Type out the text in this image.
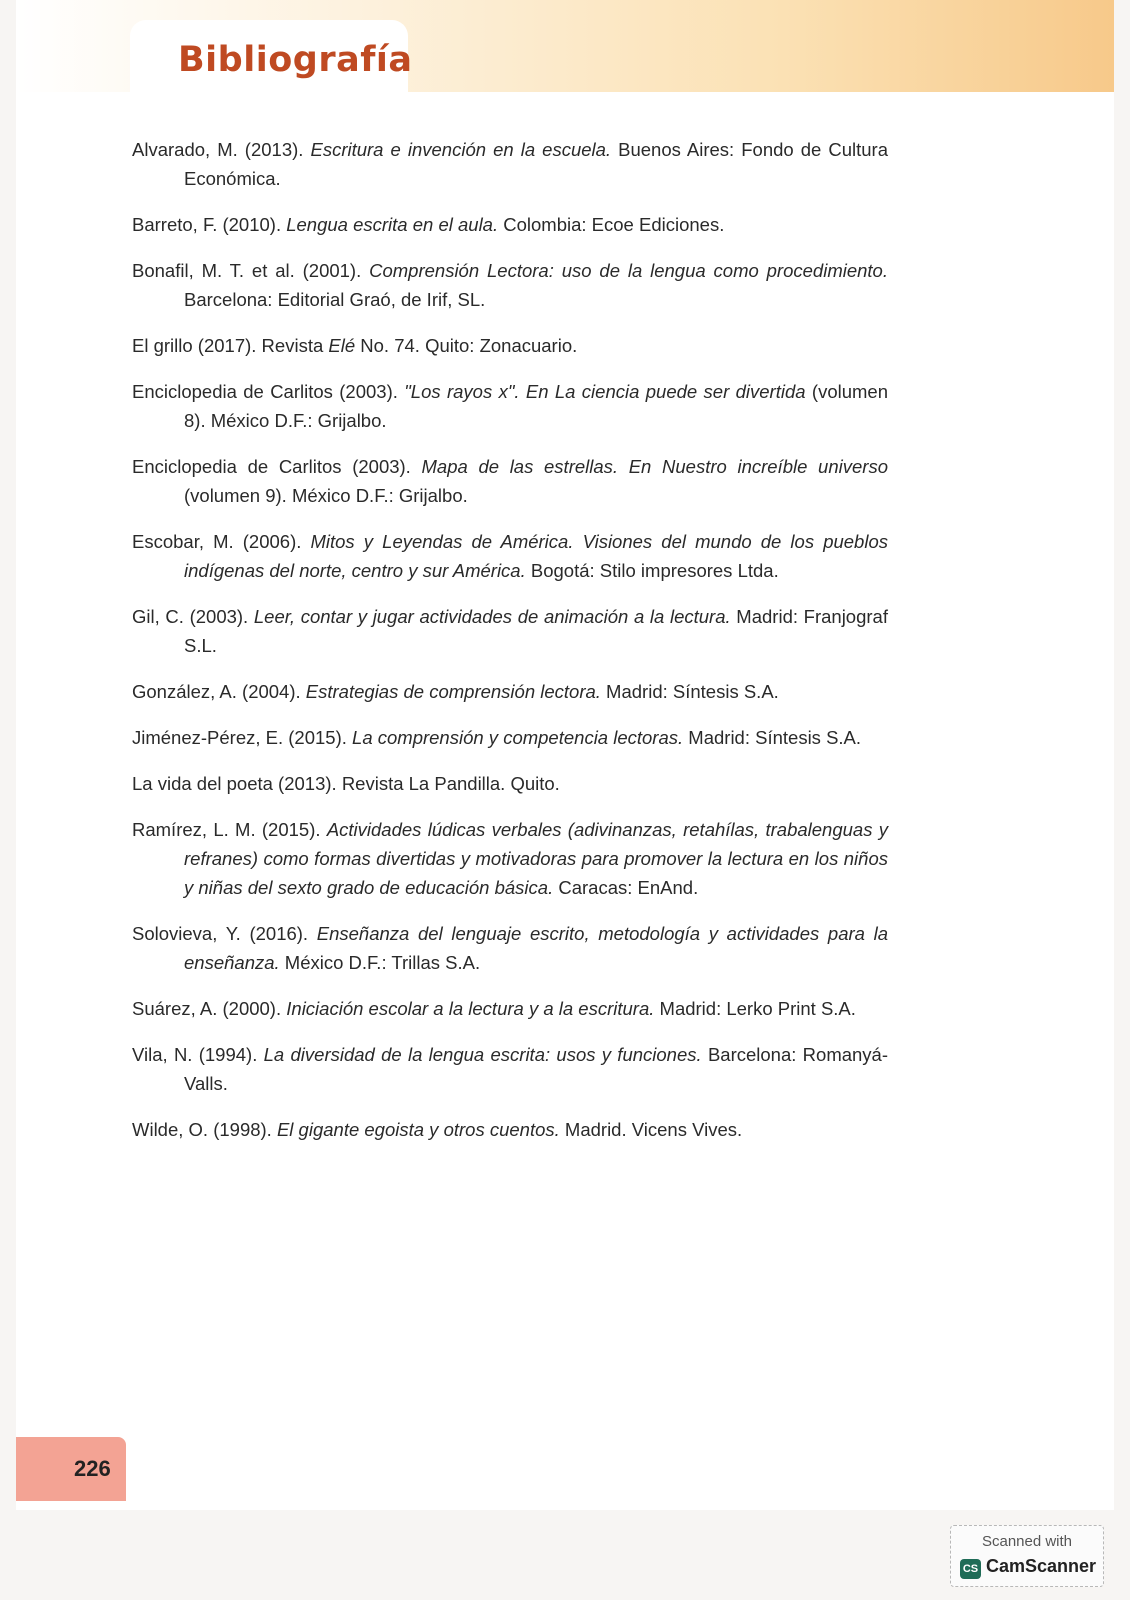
Bibliografía

Alvarado, M. (2013). Escritura e invención en la escuela. Buenos Aires: Fondo de Cultura Económica.

Barreto, F. (2010). Lengua escrita en el aula. Colombia: Ecoe Ediciones.

Bonafil, M. T. et al. (2001). Comprensión Lectora: uso de la lengua como procedimiento. Barcelona: Editorial Graó, de Irif, SL.

El grillo (2017). Revista Elé No. 74. Quito: Zonacuario.

Enciclopedia de Carlitos (2003). "Los rayos x". En La ciencia puede ser divertida (volumen 8). México D.F.: Grijalbo.

Enciclopedia de Carlitos (2003). Mapa de las estrellas. En Nuestro increíble universo (volumen 9). México D.F.: Grijalbo.

Escobar, M. (2006). Mitos y Leyendas de América. Visiones del mundo de los pueblos indígenas del norte, centro y sur América. Bogotá: Stilo impresores Ltda.

Gil, C. (2003). Leer, contar y jugar actividades de animación a la lectura. Madrid: Franjograf S.L.

González, A. (2004). Estrategias de comprensión lectora. Madrid: Síntesis S.A.

Jiménez-Pérez, E. (2015). La comprensión y competencia lectoras. Madrid: Síntesis S.A.

La vida del poeta (2013). Revista La Pandilla. Quito.

Ramírez, L. M. (2015). Actividades lúdicas verbales (adivinanzas, retahílas, trabalenguas y refranes) como formas divertidas y motivadoras para promover la lectura en los niños y niñas del sexto grado de educación básica. Caracas: EnAnd.

Solovieva, Y. (2016). Enseñanza del lenguaje escrito, metodología y actividades para la enseñanza. México D.F.: Trillas S.A.

Suárez, A. (2000). Iniciación escolar a la lectura y a la escritura. Madrid: Lerko Print S.A.

Vila, N. (1994). La diversidad de la lengua escrita: usos y funciones. Barcelona: Romanyá-Valls.

Wilde, O. (1998). El gigante egoista y otros cuentos. Madrid. Vicens Vives.

226
Scanned with
CS CamScanner
